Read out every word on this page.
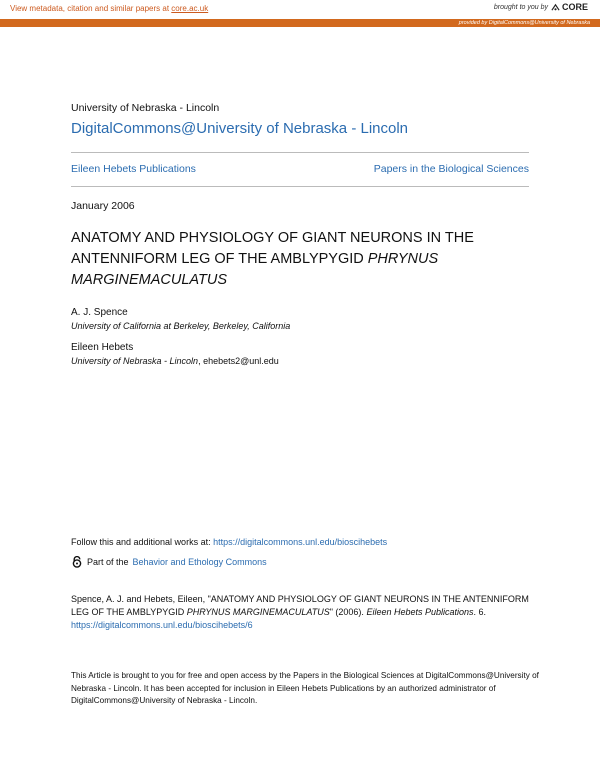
View metadata, citation and similar papers at core.ac.uk	brought to you by CORE
provided by DigitalCommons@University of Nebraska
University of Nebraska - Lincoln
DigitalCommons@University of Nebraska - Lincoln
Eileen Hebets Publications	Papers in the Biological Sciences
January 2006
ANATOMY AND PHYSIOLOGY OF GIANT NEURONS IN THE ANTENNIFORM LEG OF THE AMBLYPYGID PHRYNUS MARGINEMACULATUS
A. J. Spence
University of California at Berkeley, Berkeley, California
Eileen Hebets
University of Nebraska - Lincoln, ehebets2@unl.edu
Follow this and additional works at: https://digitalcommons.unl.edu/bioscihebets
Part of the Behavior and Ethology Commons
Spence, A. J. and Hebets, Eileen, "ANATOMY AND PHYSIOLOGY OF GIANT NEURONS IN THE ANTENNIFORM LEG OF THE AMBLYPYGID PHRYNUS MARGINEMACULATUS" (2006). Eileen Hebets Publications. 6.
https://digitalcommons.unl.edu/bioscihebets/6
This Article is brought to you for free and open access by the Papers in the Biological Sciences at DigitalCommons@University of Nebraska - Lincoln. It has been accepted for inclusion in Eileen Hebets Publications by an authorized administrator of DigitalCommons@University of Nebraska - Lincoln.
